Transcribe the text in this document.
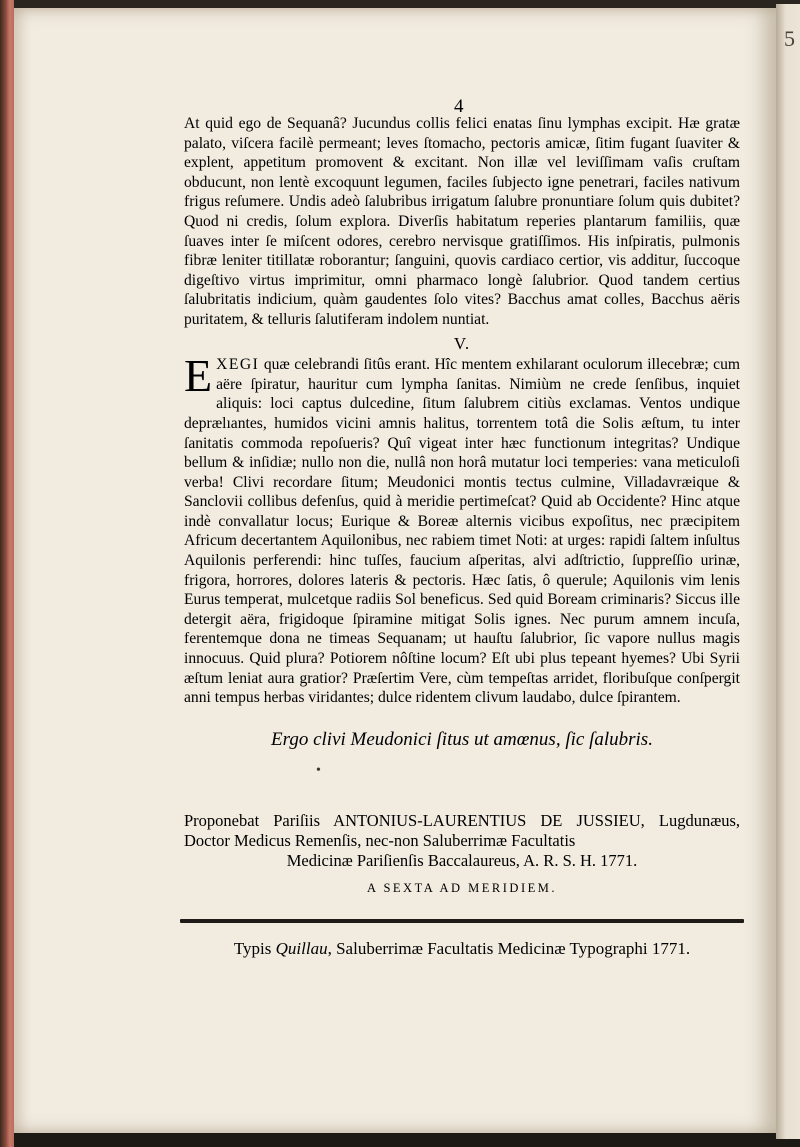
5
4

At quid ego de Sequanâ? Jucundus collis felici enatas ſinu lymphas excipit. Hæ gratæ palato, viſcera facilè permeant; leves ſtomacho, pectoris amicæ, ſitim fugant ſuaviter & explent, appetitum promovent & excitant. Non illæ vel leviſſimam vaſis cruſtam obducunt, non lentè excoquunt legumen, faciles ſubjecto igne penetrari, faciles nativum frigus reſumere. Undis adeò ſalubribus irrigatum ſalubre pronuntiare ſolum quis dubitet? Quod ni credis, ſolum explora. Diverſis habitatum reperies plantarum familiis, quæ ſuaves inter ſe miſcent odores, cerebro nervisque gratiſſimos. His inſpiratis, pulmonis fibræ leniter titillatæ roborantur; ſanguini, quovis cardiaco certior, vis additur, ſuccoque digeſtivo virtus imprimitur, omni pharmaco longè ſalubrior. Quod tandem certius ſalubritatis indicium, quàm gaudentes ſolo vites? Bacchus amat colles, Bacchus aëris puritatem, & telluris ſalutiferam indolem nuntiat.

V.

EXEGI quæ celebrandi ſitûs erant. Hîc mentem exhilarant oculorum illecebræ; cum aëre ſpiratur, hauritur cum lympha ſanitas. Nimiùm ne crede ſenſibus, inquiet aliquis: loci captus dulcedine, ſitum ſalubrem citiùs exclamas. Ventos undique deprælıantes, humidos vicini amnis halitus, torrentem totâ die Solis æſtum, tu inter ſanitatis commoda repoſueris? Quî vigeat inter hæc functionum integritas? Undique bellum & inſidiæ; nullo non die, nullâ non horâ mutatur loci temperies: vana meticuloſi verba! Clivi recordare ſitum; Meudonici montis tectus culmine, Villadavræique & Sanclovii collibus defenſus, quid à meridie pertimeſcat? Quid ab Occidente? Hinc atque indè convallatur locus; Eurique & Boreæ alternis vicibus expoſitus, nec præcipitem Africum decertantem Aquilonibus, nec rabiem timet Noti: at urges: rapidi ſaltem inſultus Aquilonis perferendi: hinc tuſſes, faucium aſperitas, alvi adſtrictio, ſuppreſſio urinæ, frigora, horrores, dolores lateris & pectoris. Hæc ſatis, ô querule; Aquilonis vim lenis Eurus temperat, mulcetque radiis Sol beneficus. Sed quid Boream criminaris? Siccus ille detergit aëra, frigidoque ſpiramine mitigat Solis ignes. Nec purum amnem incuſa, ferentemque dona ne timeas Sequanam; ut hauſtu ſalubrior, ſic vapore nullus magis innocuus. Quid plura? Potiorem nôſtine locum? Eſt ubi plus tepeant hyemes? Ubi Syrii æſtum leniat aura gratior? Præſertim Vere, cùm tempeſtas arridet, floribuſque conſpergit anni tempus herbas viridantes; dulce ridentem clivum laudabo, dulce ſpirantem.

Ergo clivi Meudonici ſitus ut amœnus, ſic ſalubris.
•
Proponebat Pariſiis ANTONIUS-LAURENTIUS DE JUSSIEU, Lugdunæus, Doctor Medicus Remenſis, nec-non Saluberrimæ Facultatis
Medicinæ Pariſienſis Baccalaureus, A. R. S. H. 1771.
A SEXTA AD MERIDIEM.
Typis Quillau, Saluberrimæ Facultatis Medicinæ Typographi 1771.
